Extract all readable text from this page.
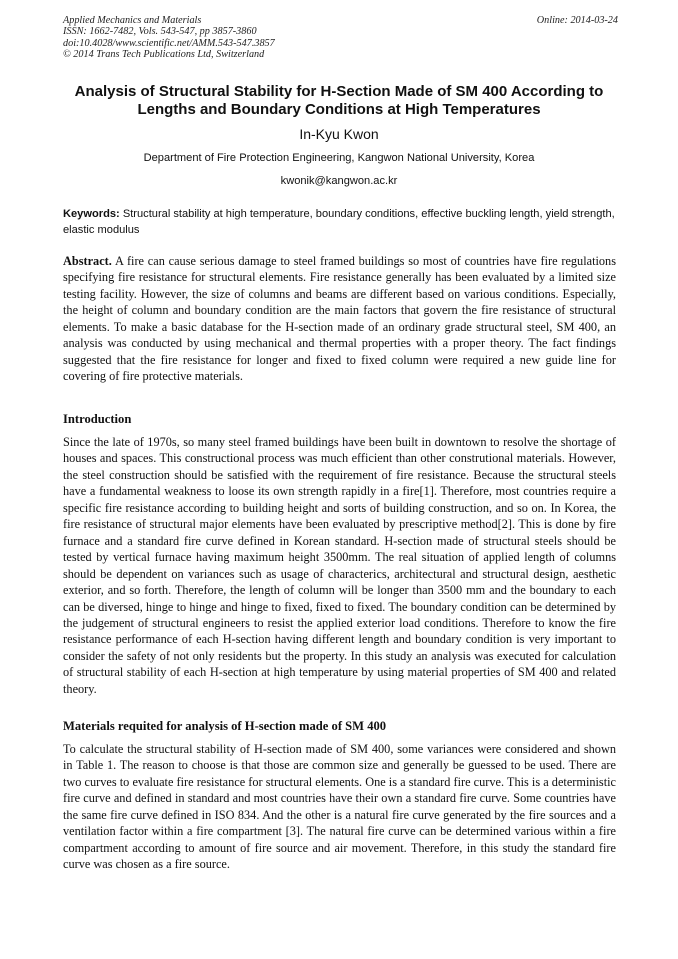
Applied Mechanics and Materials
ISSN: 1662-7482, Vols. 543-547, pp 3857-3860
doi:10.4028/www.scientific.net/AMM.543-547.3857
© 2014 Trans Tech Publications Ltd, Switzerland
Online: 2014-03-24
Analysis of Structural Stability for H-Section Made of SM 400 According to Lengths and Boundary Conditions at High Temperatures
In-Kyu Kwon
Department of Fire Protection Engineering, Kangwon National University, Korea
kwonik@kangwon.ac.kr
Keywords: Structural stability at high temperature, boundary conditions, effective buckling length, yield strength, elastic modulus
Abstract. A fire can cause serious damage to steel framed buildings so most of countries have fire regulations specifying fire resistance for structural elements. Fire resistance generally has been evaluated by a limited size testing facility. However, the size of columns and beams are different based on various conditions. Especially, the height of column and boundary condition are the main factors that govern the fire resistance of structural elements. To make a basic database for the H-section made of an ordinary grade structural steel, SM 400, an analysis was conducted by using mechanical and thermal properties with a proper theory. The fact findings suggested that the fire resistance for longer and fixed to fixed column were required a new guide line for covering of fire protective materials.
Introduction
Since the late of 1970s, so many steel framed buildings have been built in downtown to resolve the shortage of houses and spaces. This constructional process was much efficient than other construtional materials. However, the steel construction should be satisfied with the requirement of fire resistance. Because the structural steels have a fundamental weakness to loose its own strength rapidly in a fire[1]. Therefore, most countries require a specific fire resistance according to building height and sorts of building construction, and so on. In Korea, the fire resistance of structural major elements have been evaluated by prescriptive method[2]. This is done by fire furnace and a standard fire curve defined in Korean standard. H-section made of structural steels should be tested by vertical furnace having maximum height 3500mm. The real situation of applied length of columns should be dependent on variances such as usage of characterics, architectural and structural design, aesthetic exterior, and so forth. Therefore, the length of column will be longer than 3500 mm and the boundary to each can be diversed, hinge to hinge and hinge to fixed, fixed to fixed. The boundary condition can be determined by the judgement of structural engineers to resist the applied exterior load conditions. Therefore to know the fire resistance performance of each H-section having different length and boundary condition is very important to consider the safety of not only residents but the property. In this study an analysis was executed for calculation of structural stability of each H-section at high temperature by using material properties of SM 400 and related theory.
Materials requited for analysis of H-section made of SM 400
To calculate the structural stability of H-section made of SM 400, some variances were considered and shown in Table 1. The reason to choose is that those are common size and generally be guessed to be used. There are two curves to evaluate fire resistance for structural elements. One is a standard fire curve. This is a deterministic fire curve and defined in standard and most countries have their own a standard fire curve. Some countries have the same fire curve defined in ISO 834. And the other is a natural fire curve generated by the fire sources and a ventilation factor within a fire compartment [3]. The natural fire curve can be determined various within a fire compartment according to amount of fire source and air movement. Therefore, in this study the standard fire curve was chosen as a fire source.
